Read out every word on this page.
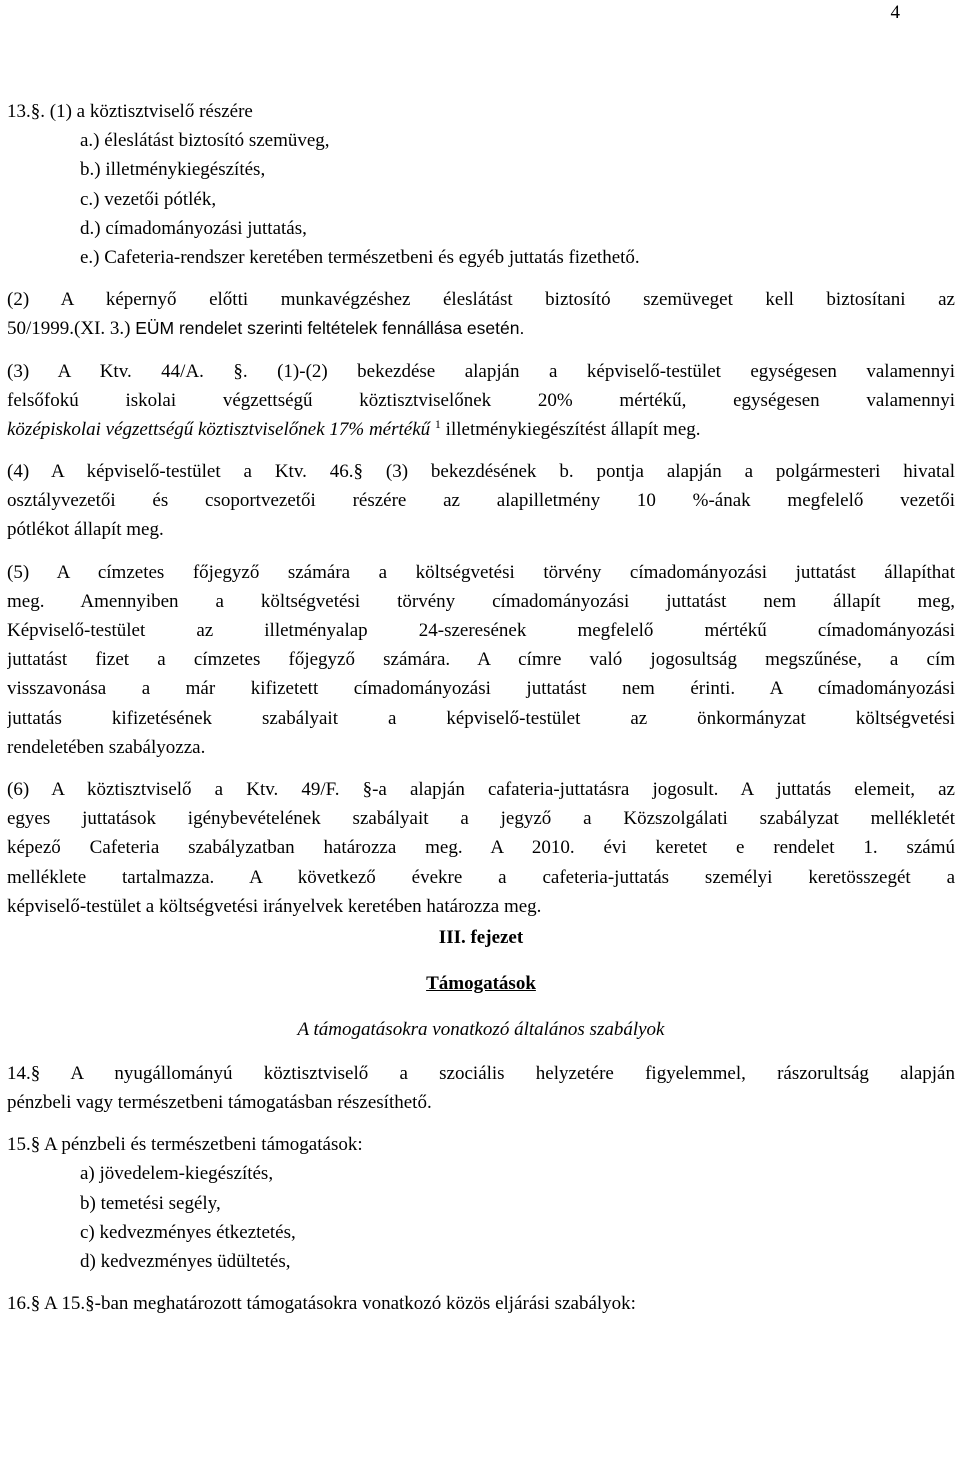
4
13.§. (1) a köztisztviselő részére
a.) éleslátást biztosító szemüveg,
b.) illetménykiegészítés,
c.) vezetői pótlék,
d.) címadományozási juttatás,
e.) Cafeteria-rendszer keretében természetbeni és egyéb juttatás fizethető.
(2) A képernyő előtti munkavégzéshez éleslátást biztosító szemüveget kell biztosítani az
50/1999.(XI. 3.) EÜM rendelet szerinti feltételek fennállása esetén.
(3) A Ktv. 44/A. §. (1)-(2) bekezdése alapján a képviselő-testület egységesen valamennyi
felsőfokú iskolai végzettségű köztisztviselőnek 20% mértékű, egységesen valamennyi
középiskolai végzettségű köztisztviselőnek 17% mértékű $^1$ illetménykiegészítést állapít meg.
(4) A képviselő-testület a Ktv. 46.§ (3) bekezdésének b. pontja alapján a polgármesteri hivatal
osztályvezetői és csoportvezetői részére az alapilletmény 10 %-ának megfelelő vezetői
pótlékot állapít meg.
(5) A címzetes főjegyző számára a költségvetési törvény címadományozási juttatást állapíthat
meg. Amennyiben a költségvetési törvény címadományozási juttatást nem állapít meg,
Képviselő-testület az illetményalap 24-szeresének megfelelő mértékű címadományozási
juttatást fizet a címzetes főjegyző számára. A címre való jogosultság megszűnése, a cím
visszavonása a már kifizetett címadományozási juttatást nem érinti. A címadományozási
juttatás kifizetésének szabályait a képviselő-testület az önkormányzat költségvetési
rendeletében szabályozza.
(6) A köztisztviselő a Ktv. 49/F. §-a alapján cafateria-juttatásra jogosult. A juttatás elemeit, az
egyes juttatások igénybevételének szabályait a jegyző a Közszolgálati szabályzat mellékletét
képező Cafeteria szabályzatban határozza meg. A 2010. évi keretet e rendelet 1. számú
melléklete tartalmazza. A következő évekre a cafeteria-juttatás személyi keretösszegét a
képviselő-testület a költségvetési irányelvek keretében határozza meg.
III. fejezet
Támogatások
A támogatásokra vonatkozó általános szabályok
14.§ A nyugállományú köztisztviselő a szociális helyzetére figyelemmel, rászorultság alapján
pénzbeli vagy természetbeni támogatásban részesíthető.
15.§ A pénzbeli és természetbeni támogatások:
a) jövedelem-kiegészítés,
b) temetési segély,
c) kedvezményes étkeztetés,
d) kedvezményes üdültetés,
16.§ A 15.§-ban meghatározott támogatásokra vonatkozó közös eljárási szabályok:
